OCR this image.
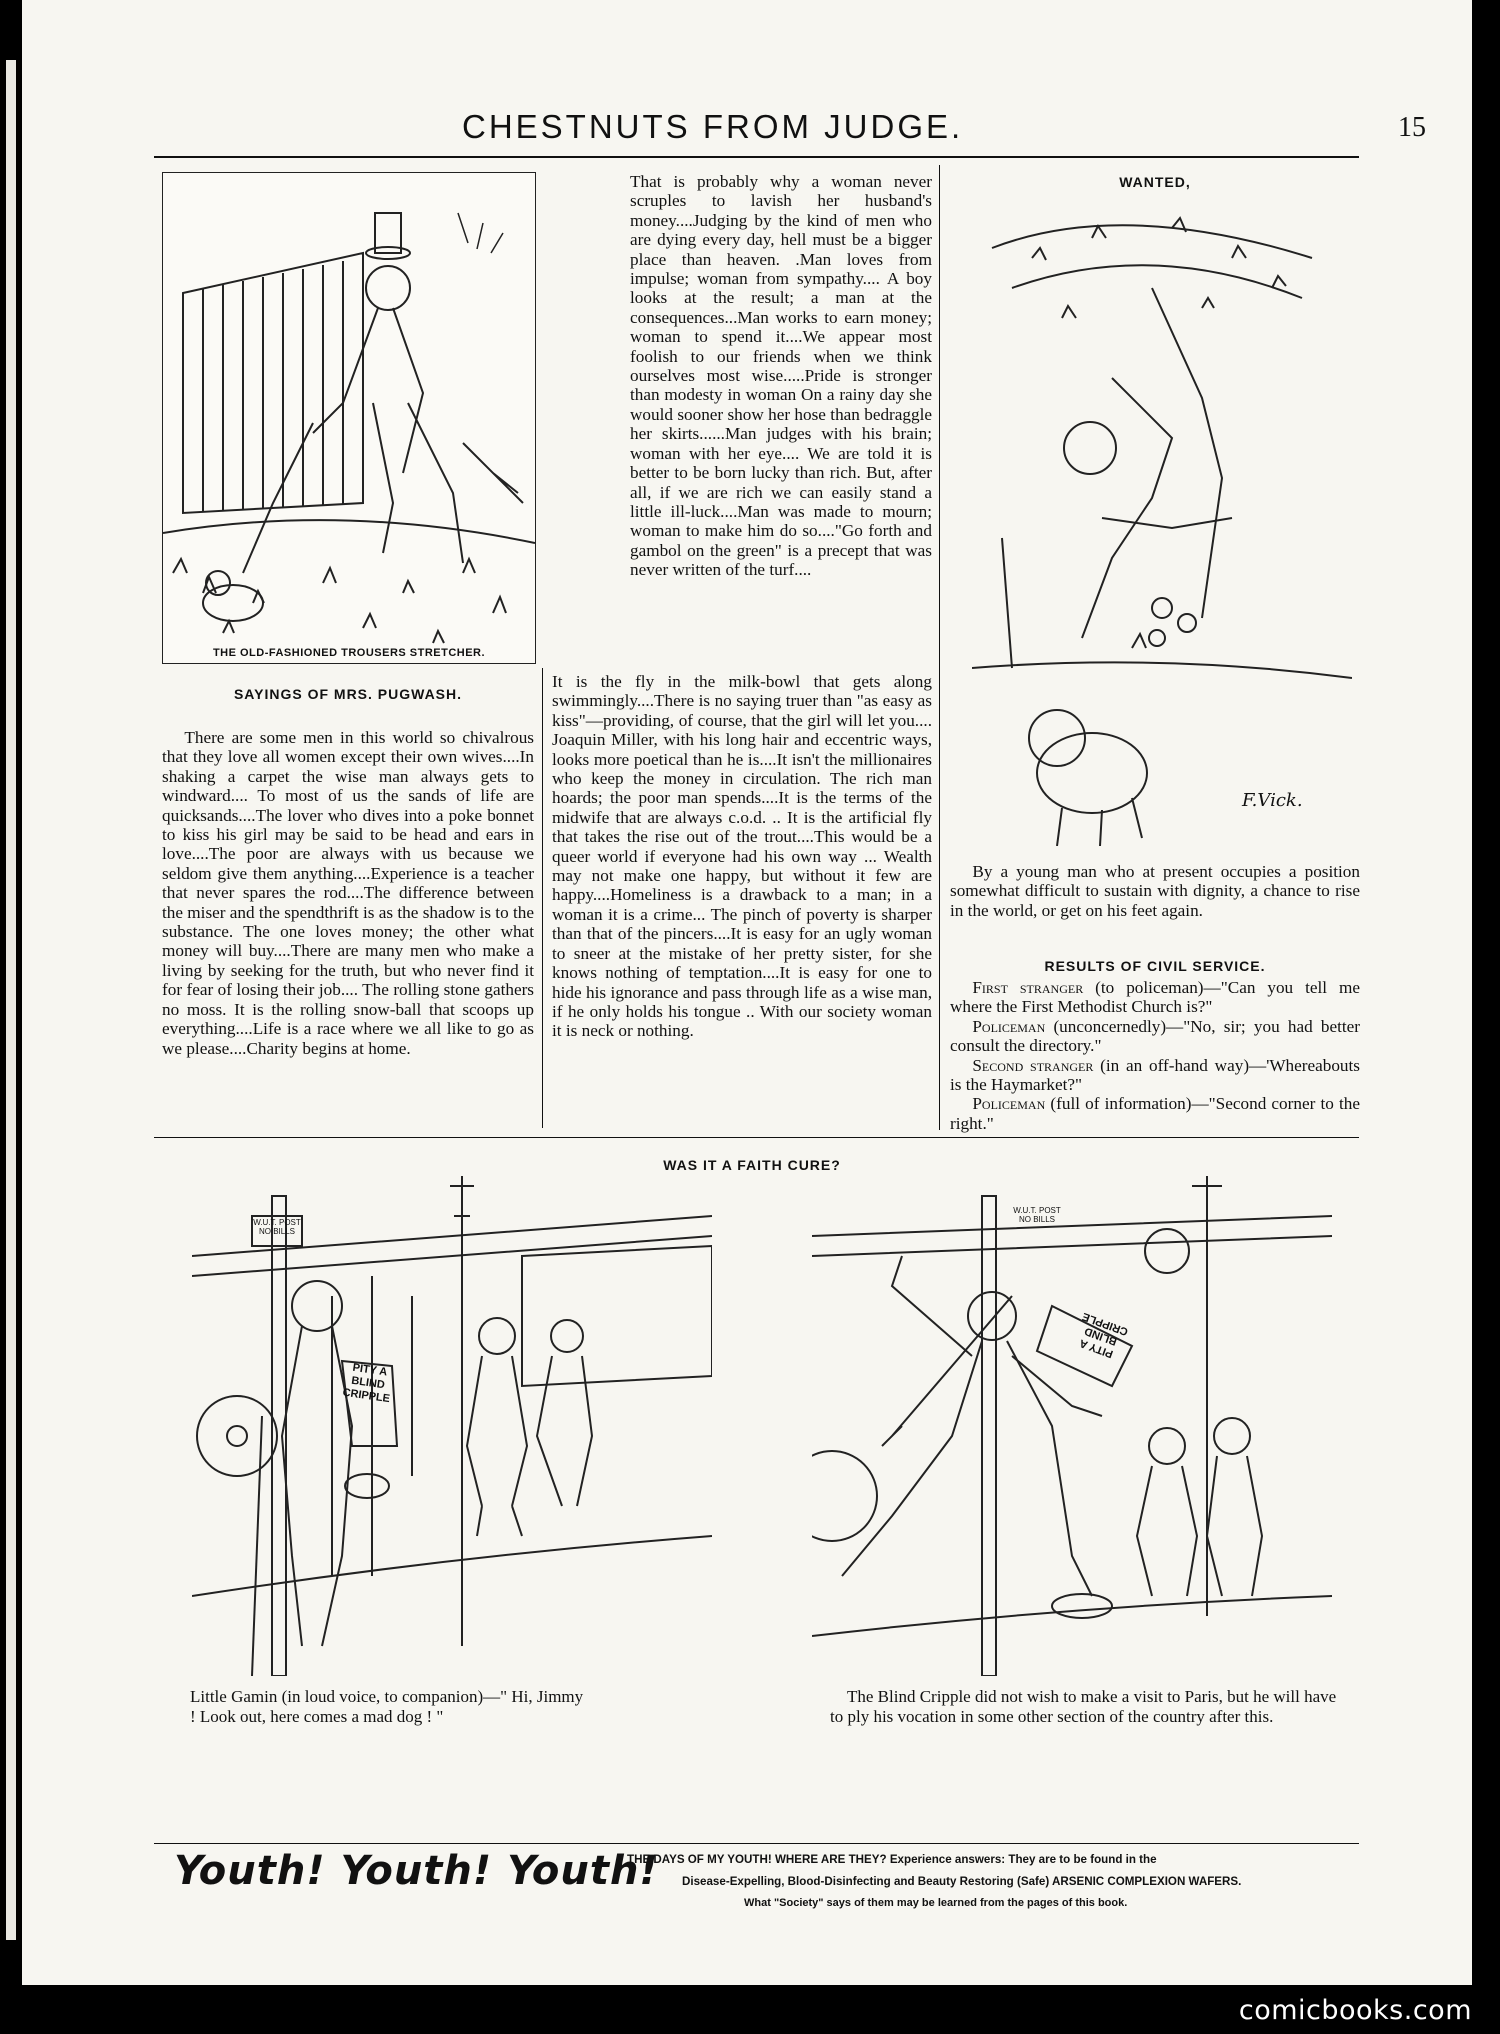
CHESTNUTS FROM JUDGE.	15
THE OLD-FASHIONED TROUSERS STRETCHER.
SAYINGS OF MRS. PUGWASH.

There are some men in this world so chivalrous that they love all women except their own wives....In shaking a carpet the wise man always gets to windward.... To most of us the sands of life are quicksands....The lover who dives into a poke bonnet to kiss his girl may be said to be head and ears in love....The poor are always with us because we seldom give them anything....Experience is a teacher that never spares the rod....The difference between the miser and the spendthrift is as the shadow is to the substance. The one loves money; the other what money will buy....There are many men who make a living by seeking for the truth, but who never find it for fear of losing their job.... The rolling stone gathers no moss. It is the rolling snow-ball that scoops up everything....Life is a race where we all like to go as we please....Charity begins at home.

That is probably why a woman never scruples to lavish her husband's money....Judging by the kind of men who are dying every day, hell must be a bigger place than heaven. .Man loves from impulse; woman from sympathy.... A boy looks at the result; a man at the consequences...Man works to earn money; woman to spend it....We appear most foolish to our friends when we think ourselves most wise.....Pride is stronger than modesty in woman On a rainy day she would sooner show her hose than bedraggle her skirts......Man judges with his brain; woman with her eye.... We are told it is better to be born lucky than rich. But, after all, if we are rich we can easily stand a little ill-luck....Man was made to mourn; woman to make him do so...."Go forth and gambol on the green" is a precept that was never written of the turf....

It is the fly in the milk-bowl that gets along swimmingly....There is no saying truer than "as easy as kiss"—providing, of course, that the girl will let you.... Joaquin Miller, with his long hair and eccentric ways, looks more poetical than he is....It isn't the millionaires who keep the money in circulation. The rich man hoards; the poor man spends....It is the terms of the midwife that are always c.o.d. .. It is the artificial fly that takes the rise out of the trout....This would be a queer world if everyone had his own way ... Wealth may not make one happy, but without it few are happy....Homeliness is a drawback to a man; in a woman it is a crime... The pinch of poverty is sharper than that of the pincers....It is easy for an ugly woman to sneer at the mistake of her pretty sister, for she knows nothing of temptation....It is easy for one to hide his ignorance and pass through life as a wise man, if he only holds his tongue .. With our society woman it is neck or nothing.

WANTED,
F.Vick.

By a young man who at present occupies a position somewhat difficult to sustain with dignity, a chance to rise in the world, or get on his feet again.

RESULTS OF CIVIL SERVICE.

First stranger (to policeman)—"Can you tell me where the First Methodist Church is?"

Policeman (unconcernedly)—"No, sir; you had better consult the directory."

Second stranger (in an off-hand way)—'Whereabouts is the Haymarket?"

Policeman (full of information)—"Second corner to the right."

WAS IT A FAITH CURE?
PITY A BLIND CRIPPLE
W.U.T. POST NO BILLS
PITY A BLIND CRIPPLE
W.U.T. POST NO BILLS
Little Gamin (in loud voice, to companion)—" Hi, Jimmy ! Look out, here comes a mad dog ! "
The Blind Cripple did not wish to make a visit to Paris, but he will have to ply his vocation in some other section of the country after this.
Youth! Youth! Youth!
THE DAYS OF MY YOUTH! WHERE ARE THEY? Experience answers: They are to be found in the
Disease-Expelling, Blood-Disinfecting and Beauty Restoring (Safe) ARSENIC COMPLEXION WAFERS.
What "Society" says of them may be learned from the pages of this book.
comicbooks.com
